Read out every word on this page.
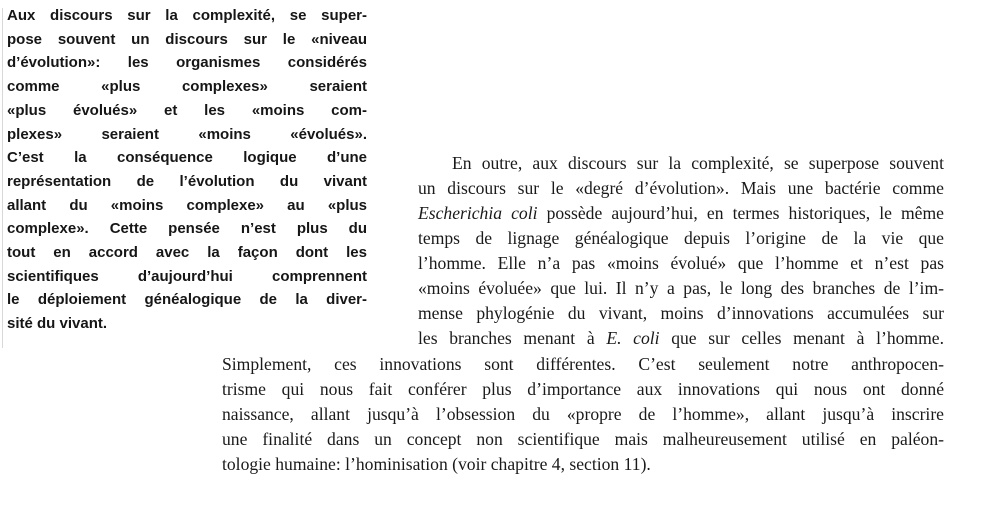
Aux discours sur la complexité, se super-
pose souvent un discours sur le «niveau
d’évolution»: les organismes considérés
comme «plus complexes» seraient
«plus évolués» et les «moins com-
plexes» seraient «moins «évolués».
C’est la conséquence logique d’une
représentation de l’évolution du vivant
allant du «moins complexe» au «plus
complexe». Cette pensée n’est plus du
tout en accord avec la façon dont les
scientifiques d’aujourd’hui comprennent
le déploiement généalogique de la diver-
sité du vivant.
En outre, aux discours sur la complexité, se superpose souvent
un discours sur le «degré d’évolution». Mais une bactérie comme
Escherichia coli possède aujourd’hui, en termes historiques, le même
temps de lignage généalogique depuis l’origine de la vie que
l’homme. Elle n’a pas «moins évolué» que l’homme et n’est pas
«moins évoluée» que lui. Il n’y a pas, le long des branches de l’im-
mense phylogénie du vivant, moins d’innovations accumulées sur
les branches menant à E. coli que sur celles menant à l’homme.
Simplement, ces innovations sont différentes. C’est seulement notre anthropocen-
trisme qui nous fait conférer plus d’importance aux innovations qui nous ont donné
naissance, allant jusqu’à l’obsession du «propre de l’homme», allant jusqu’à inscrire
une finalité dans un concept non scientifique mais malheureusement utilisé en paléon-
tologie humaine: l’hominisation (voir chapitre 4, section 11).
